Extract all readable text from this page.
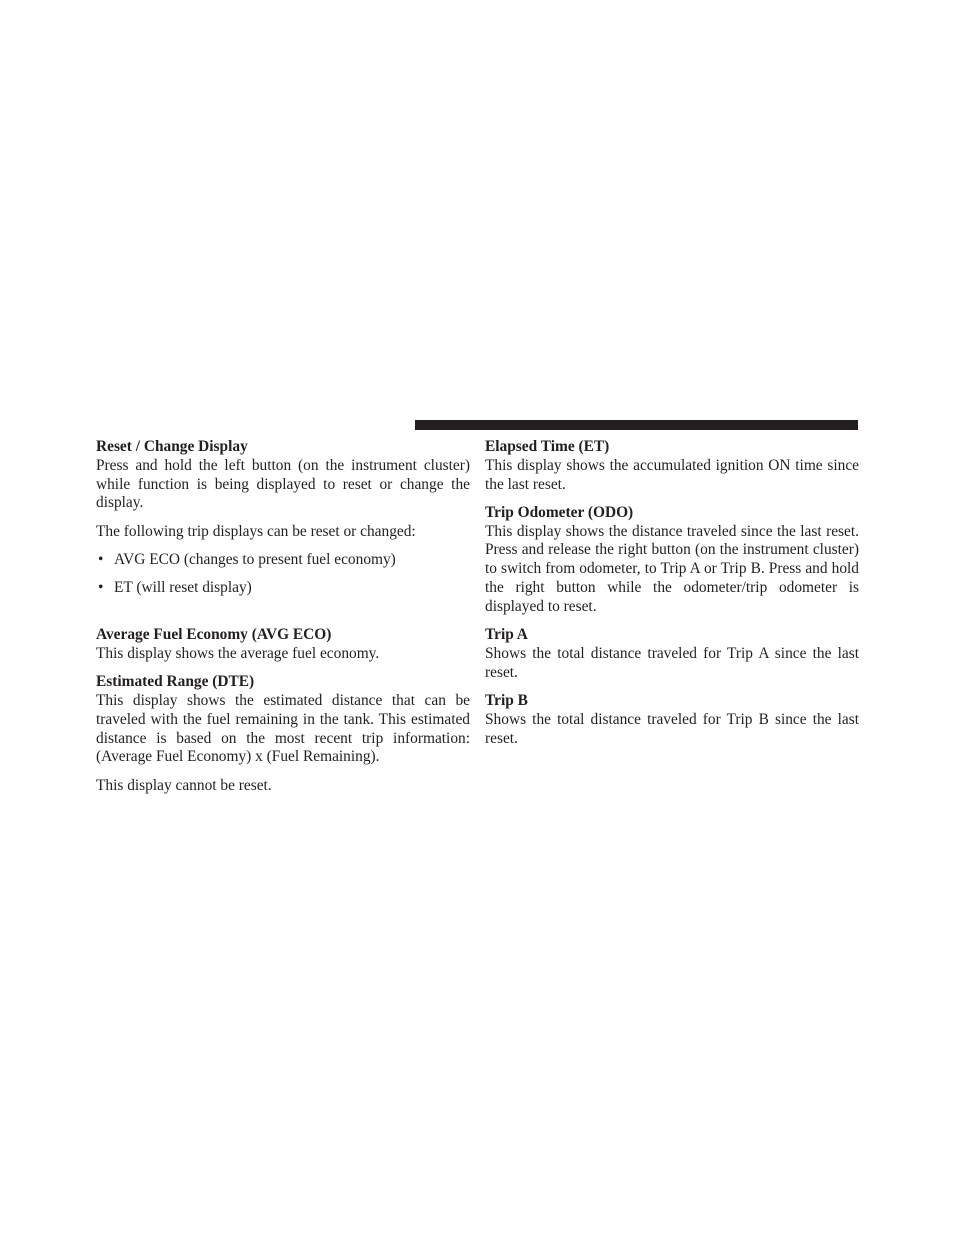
Reset / Change Display

Press and hold the left button (on the instrument cluster) while function is being displayed to reset or change the display.

The following trip displays can be reset or changed:

• AVG ECO (changes to present fuel economy)
• ET (will reset display)

Average Fuel Economy (AVG ECO)

This display shows the average fuel economy.

Estimated Range (DTE)

This display shows the estimated distance that can be traveled with the fuel remaining in the tank. This estimated distance is based on the most recent trip information: (Average Fuel Economy) x (Fuel Remaining).

This display cannot be reset.

Elapsed Time (ET)

This display shows the accumulated ignition ON time since the last reset.

Trip Odometer (ODO)

This display shows the distance traveled since the last reset. Press and release the right button (on the instrument cluster) to switch from odometer, to Trip A or Trip B. Press and hold the right button while the odometer/trip odometer is displayed to reset.

Trip A

Shows the total distance traveled for Trip A since the last reset.

Trip B

Shows the total distance traveled for Trip B since the last reset.
